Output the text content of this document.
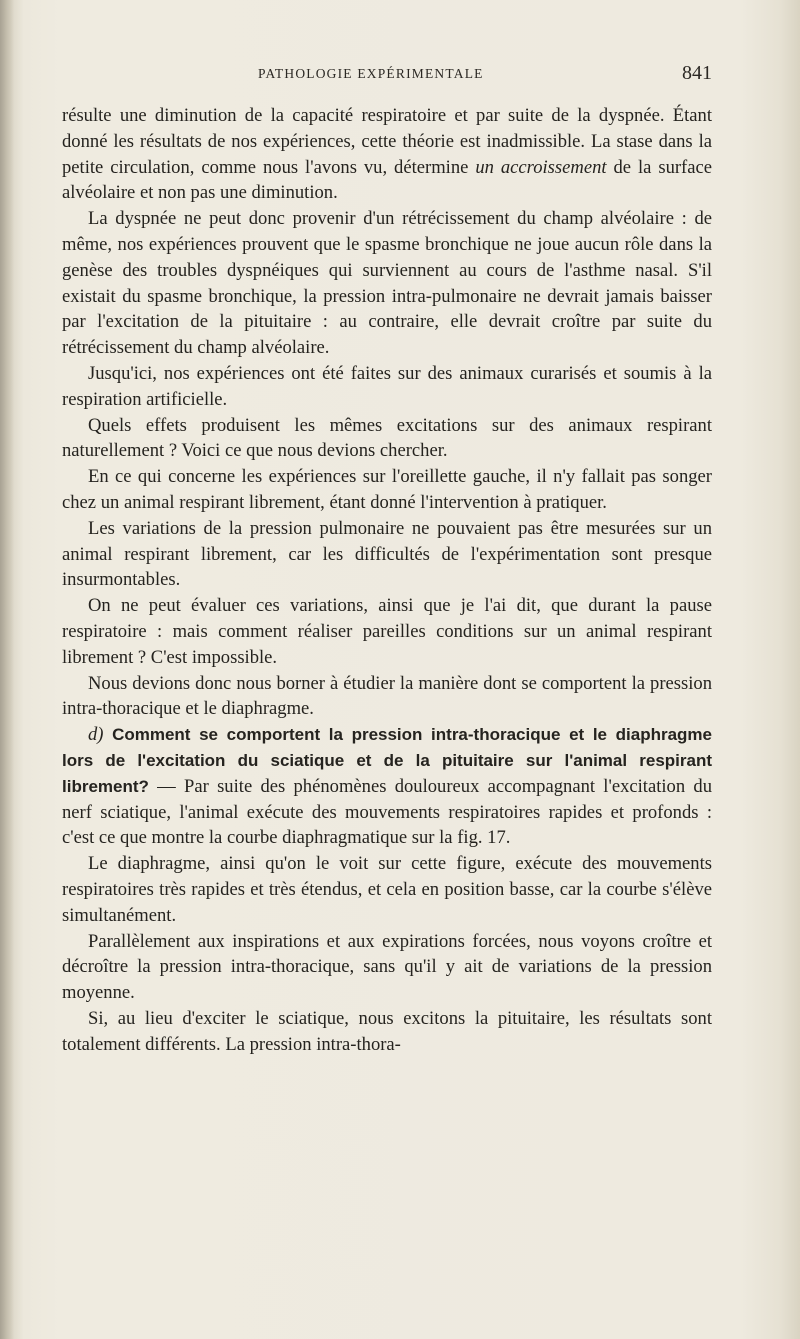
PATHOLOGIE EXPÉRIMENTALE	841

résulte une diminution de la capacité respiratoire et par suite de la dyspnée. Étant donné les résultats de nos expériences, cette théorie est inadmissible. La stase dans la petite circulation, comme nous l'avons vu, détermine un accroissement de la surface alvéolaire et non pas une diminution.

La dyspnée ne peut donc provenir d'un rétrécissement du champ alvéolaire : de même, nos expériences prouvent que le spasme bronchique ne joue aucun rôle dans la genèse des troubles dyspnéiques qui surviennent au cours de l'asthme nasal. S'il existait du spasme bronchique, la pression intra-pulmonaire ne devrait jamais baisser par l'excitation de la pituitaire : au contraire, elle devrait croître par suite du rétrécissement du champ alvéolaire.

Jusqu'ici, nos expériences ont été faites sur des animaux curarisés et soumis à la respiration artificielle.

Quels effets produisent les mêmes excitations sur des animaux respirant naturellement ? Voici ce que nous devions chercher.

En ce qui concerne les expériences sur l'oreillette gauche, il n'y fallait pas songer chez un animal respirant librement, étant donné l'intervention à pratiquer.

Les variations de la pression pulmonaire ne pouvaient pas être mesurées sur un animal respirant librement, car les difficultés de l'expérimentation sont presque insurmontables.

On ne peut évaluer ces variations, ainsi que je l'ai dit, que durant la pause respiratoire : mais comment réaliser pareilles conditions sur un animal respirant librement ? C'est impossible.

Nous devions donc nous borner à étudier la manière dont se comportent la pression intra-thoracique et le diaphragme.

d) Comment se comportent la pression intra-thoracique et le diaphragme lors de l'excitation du sciatique et de la pituitaire sur l'animal respirant librement? — Par suite des phénomènes douloureux accompagnant l'excitation du nerf sciatique, l'animal exécute des mouvements respiratoires rapides et profonds : c'est ce que montre la courbe diaphragmatique sur la fig. 17.

Le diaphragme, ainsi qu'on le voit sur cette figure, exécute des mouvements respiratoires très rapides et très étendus, et cela en position basse, car la courbe s'élève simultanément.

Parallèlement aux inspirations et aux expirations forcées, nous voyons croître et décroître la pression intra-thoracique, sans qu'il y ait de variations de la pression moyenne.

Si, au lieu d'exciter le sciatique, nous excitons la pituitaire, les résultats sont totalement différents. La pression intra-thora-
